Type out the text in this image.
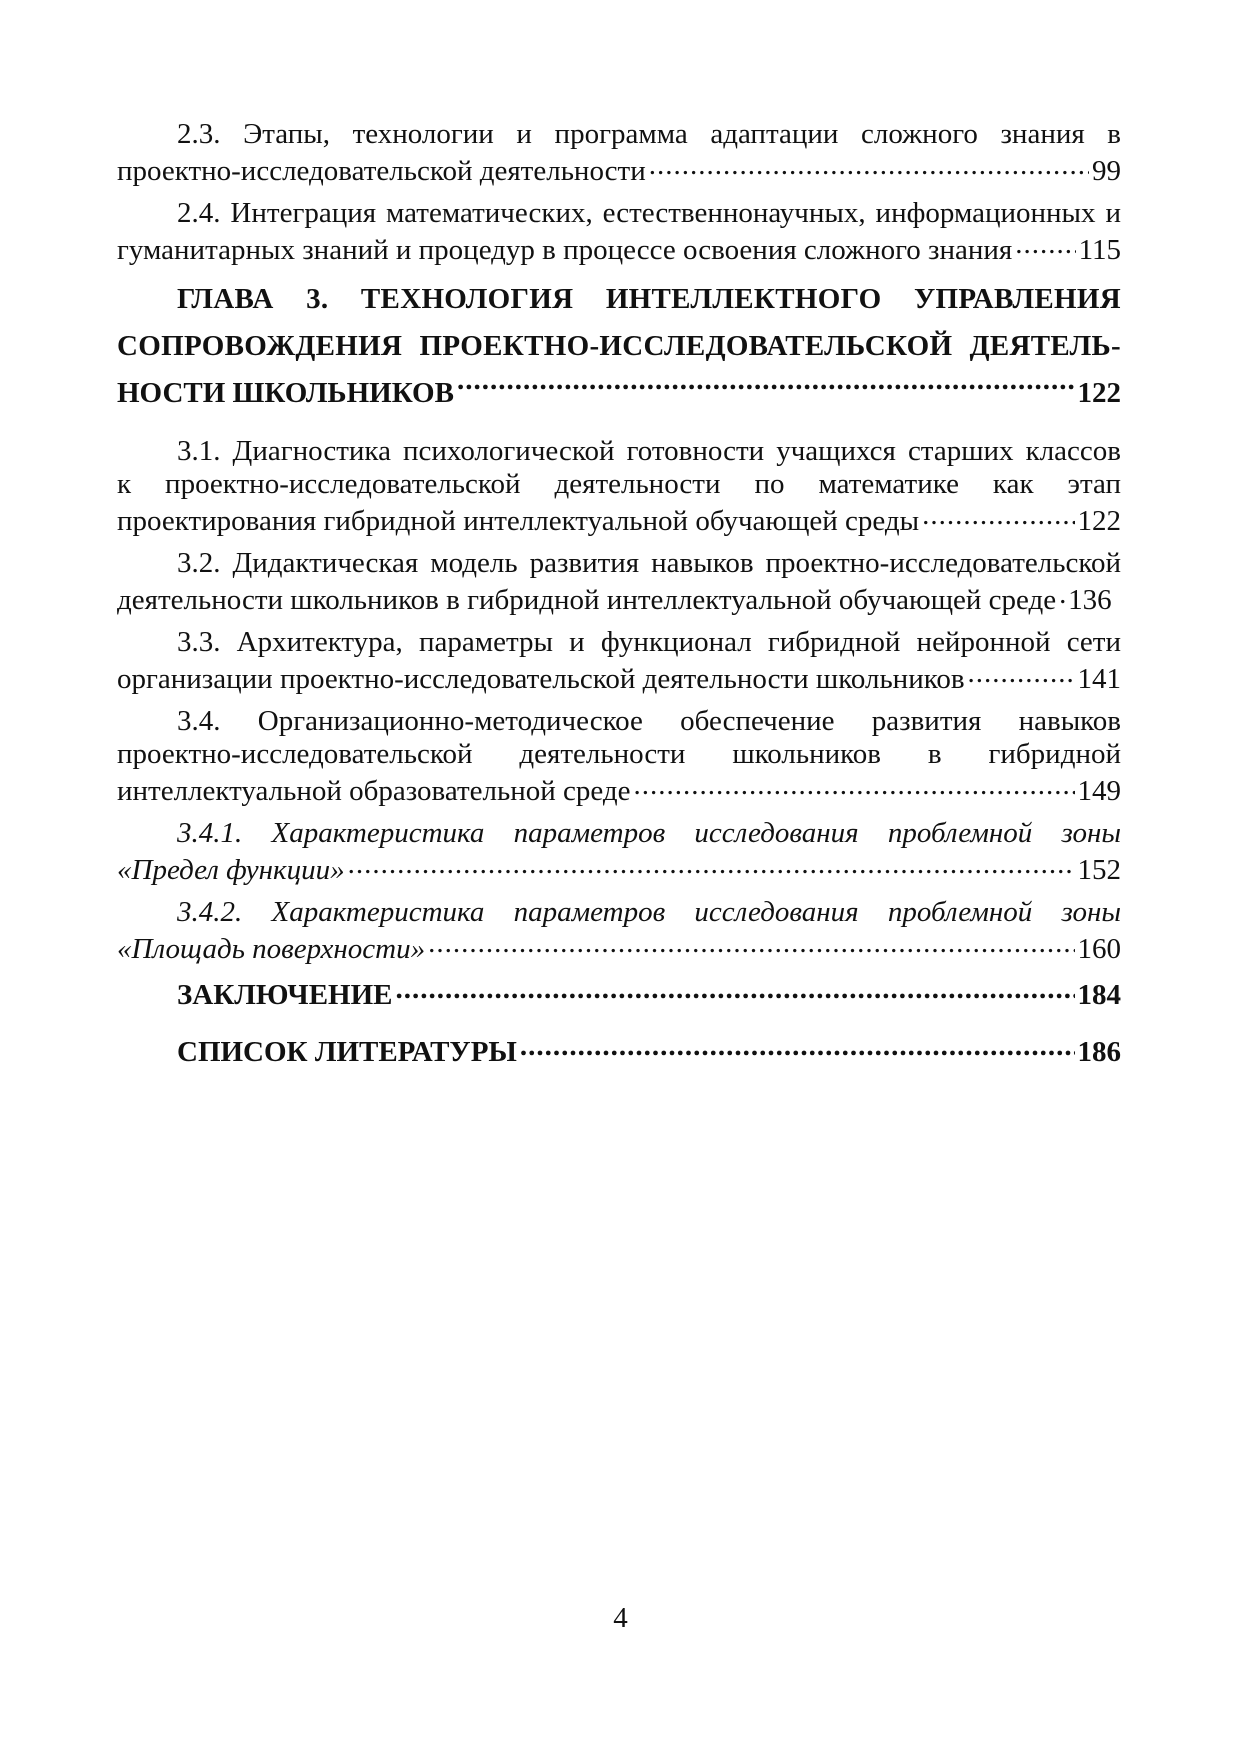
2.3. Этапы, технологии и программа адаптации сложного знания в
проектно-исследовательской деятельности .....	99
2.4. Интеграция математических, естественнонаучных, информационных и
гуманитарных знаний и процедур в процессе освоения сложного знания ..... 115
ГЛАВА 3. ТЕХНОЛОГИЯ ИНТЕЛЛЕКТНОГО УПРАВЛЕНИЯ
СОПРОВОЖДЕНИЯ ПРОЕКТНО-ИССЛЕДОВАТЕЛЬСКОЙ ДЕЯТЕЛЬ-
НОСТИ ШКОЛЬНИКОВ .....	122
3.1. Диагностика психологической готовности учащихся старших классов
к проектно-исследовательской деятельности по математике как этап
проектирования гибридной интеллектуальной обучающей среды .....	122
3.2. Дидактическая модель развития навыков проектно-исследовательской
деятельности школьников в гибридной интеллектуальной обучающей среде ..... 136
3.3. Архитектура, параметры и функционал гибридной нейронной сети
организации проектно-исследовательской деятельности школьников .....	141
3.4. Организационно-методическое обеспечение развития навыков
проектно-исследовательской деятельности школьников в гибридной
интеллектуальной образовательной среде .....	149
3.4.1. Характеристика параметров исследования проблемной зоны
«Предел функции» .....	152
3.4.2. Характеристика параметров исследования проблемной зоны
«Площадь поверхности» .....	160
ЗАКЛЮЧЕНИЕ .....	184
СПИСОК ЛИТЕРАТУРЫ .....	186
4
